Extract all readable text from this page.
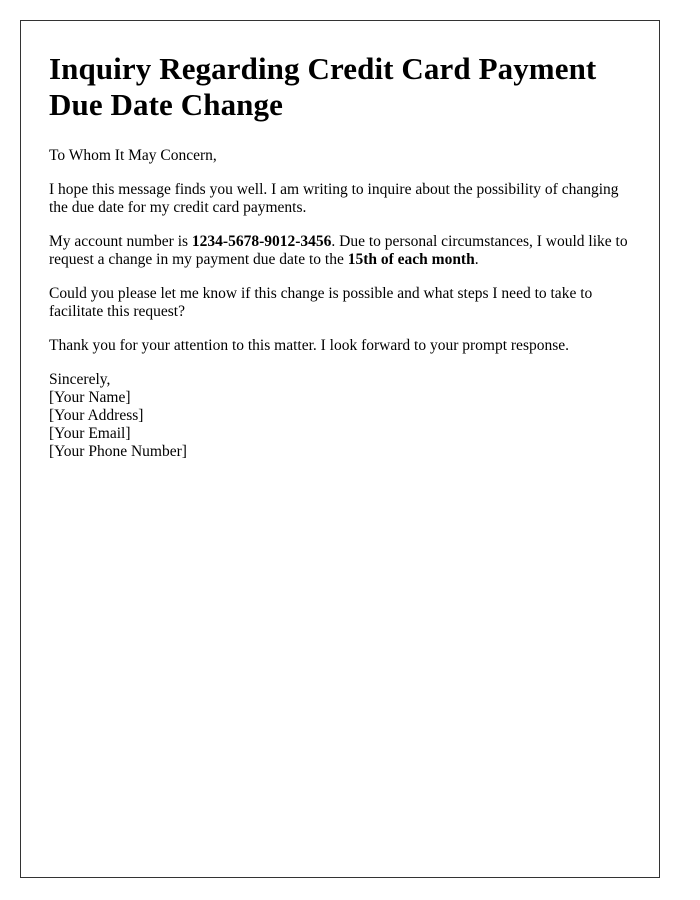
Inquiry Regarding Credit Card Payment Due Date Change

To Whom It May Concern,

I hope this message finds you well. I am writing to inquire about the possibility of changing the due date for my credit card payments.

My account number is 1234-5678-9012-3456. Due to personal circumstances, I would like to request a change in my payment due date to the 15th of each month.

Could you please let me know if this change is possible and what steps I need to take to facilitate this request?

Thank you for your attention to this matter. I look forward to your prompt response.

Sincerely,
[Your Name]
[Your Address]
[Your Email]
[Your Phone Number]
